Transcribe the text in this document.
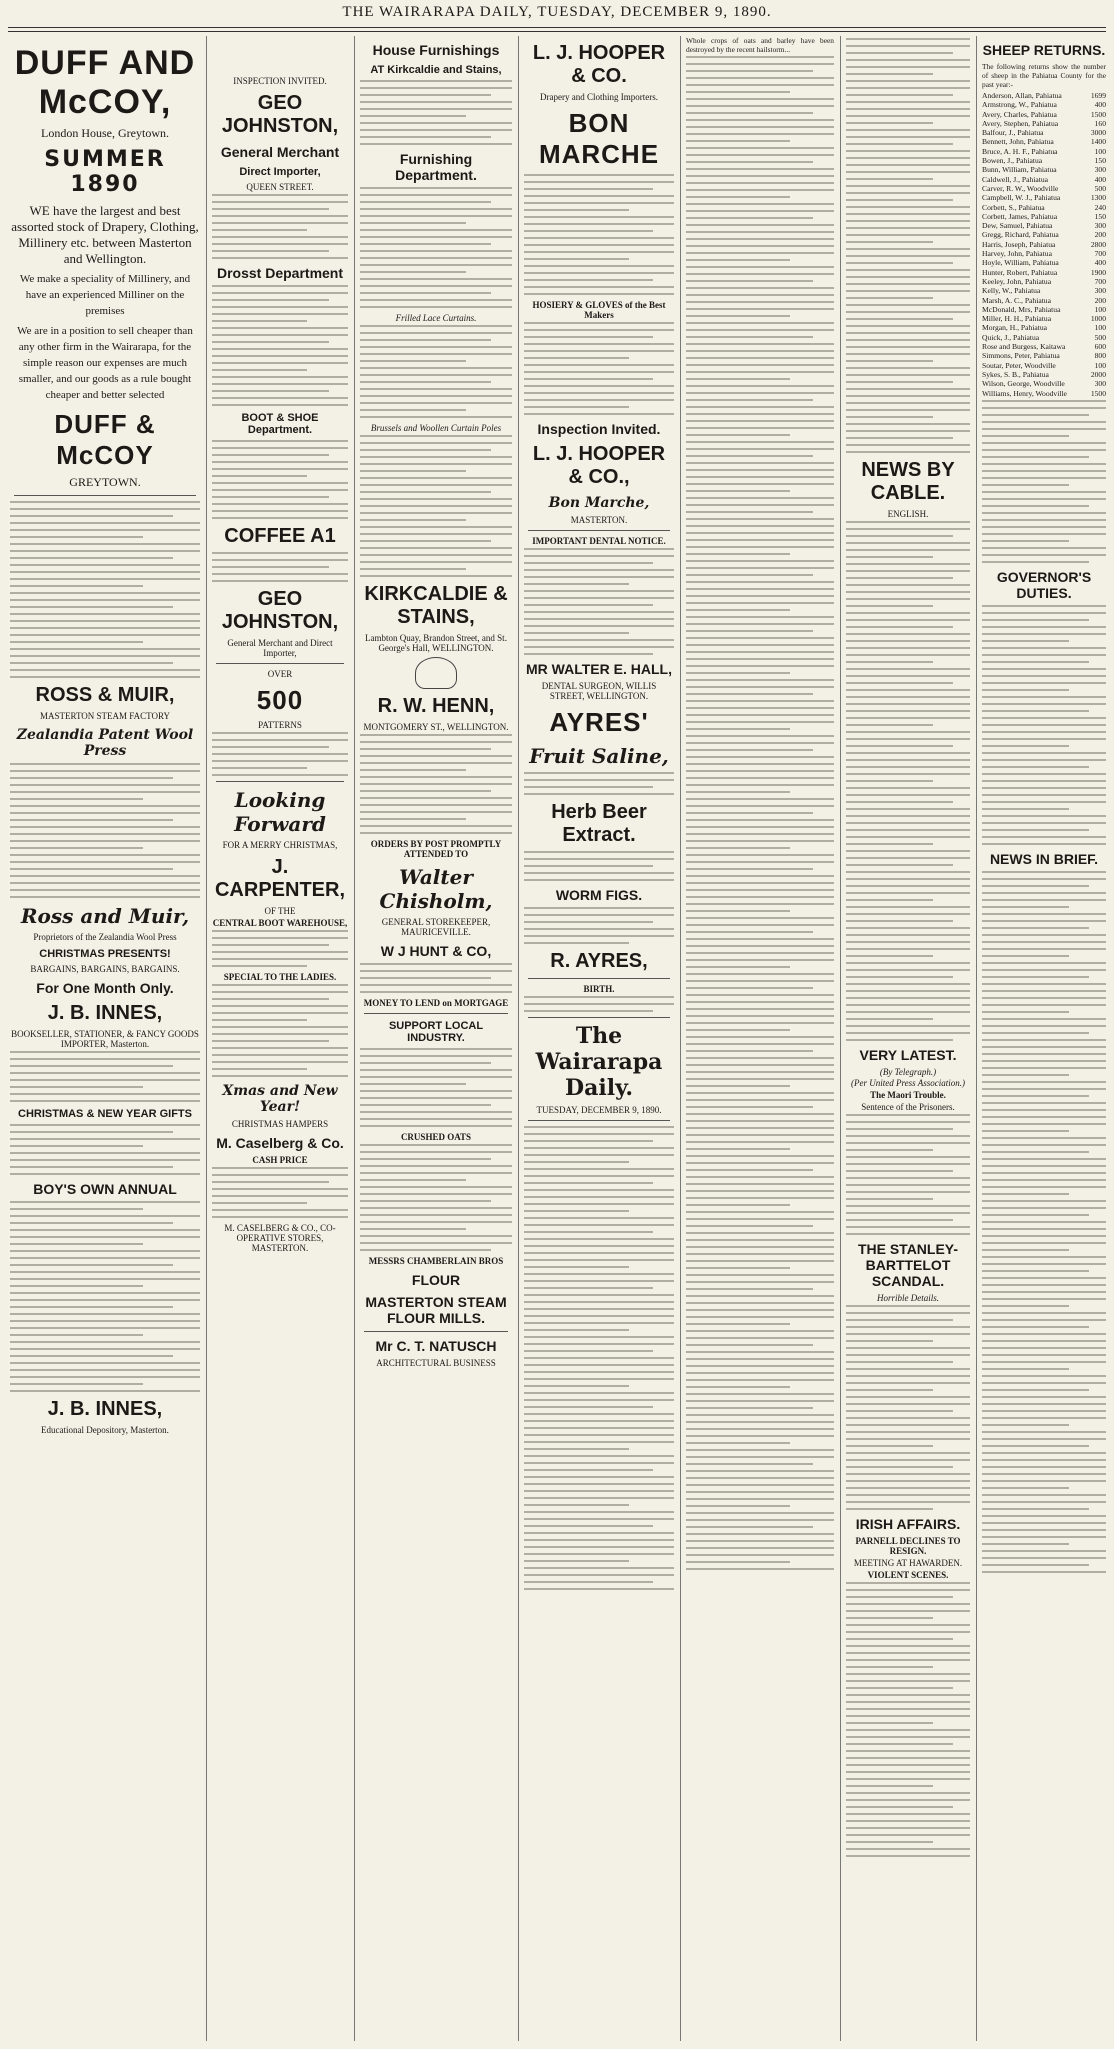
THE WAIRARAPA DAILY, TUESDAY, DECEMBER 9, 1890.
DUFF AND McCOY,
London House, Greytown.
SUMMER 1890
WE have the largest and best assorted stock of Drapery, Clothing, Millinery etc. between Masterton and Wellington.
We make a speciality of Millinery, and have an experienced Milliner on the premises
We are in a position to sell cheaper than any other firm in the Wairarapa, for the simple reason our expenses are much smaller, and our goods as a rule bought cheaper and better selected
DUFF & McCOY
GREYTOWN.
ROSS & MUIR,
MASTERTON STEAM FACTORY
Zealandia Patent Wool Press
Ross and Muir,
Proprietors of the Zealandia Wool Press
CHRISTMAS PRESENTS!
BARGAINS, BARGAINS, BARGAINS.
For One Month Only.
J. B. INNES,
BOOKSELLER, STATIONER, & FANCY GOODS IMPORTER, Masterton.
CHRISTMAS & NEW YEAR GIFTS
BOY'S OWN ANNUAL
J. B. INNES,
Educational Depository, Masterton.
INSPECTION INVITED.
GEO JOHNSTON,
General Merchant
Direct Importer,
QUEEN STREET.
Drosst Department
BOOT & SHOE Department.
COFFEE A1
GEO JOHNSTON,
General Merchant and Direct Importer,
OVER
500
PATTERNS
Looking Forward
FOR A MERRY CHRISTMAS,
J. CARPENTER,
OF THE
CENTRAL BOOT WAREHOUSE,
SPECIAL TO THE LADIES.
Xmas and New Year!
CHRISTMAS HAMPERS
M. Caselberg & Co.
CASH PRICE
M. CASELBERG & CO., CO-OPERATIVE STORES, MASTERTON.
House Furnishings
AT Kirkcaldie and Stains,
Furnishing Department.
Frilled Lace Curtains.
Brussels and Woollen Curtain Poles
KIRKCALDIE & STAINS,
Lambton Quay, Brandon Street, and St. George's Hall, WELLINGTON.
R. W. HENN,
MONTGOMERY ST., WELLINGTON.
ORDERS BY POST PROMPTLY ATTENDED TO
Walter Chisholm,
GENERAL STOREKEEPER, MAURICEVILLE.
W J HUNT & CO,
MONEY TO LEND on MORTGAGE
SUPPORT LOCAL INDUSTRY.
CRUSHED OATS
MESSRS CHAMBERLAIN BROS
FLOUR
MASTERTON STEAM FLOUR MILLS.
Mr C. T. NATUSCH
ARCHITECTURAL BUSINESS
L. J. HOOPER & CO.
Drapery and Clothing Importers.
BON MARCHE
HOSIERY & GLOVES of the Best Makers
Inspection Invited.
L. J. HOOPER & CO.,
Bon Marche,
MASTERTON.
IMPORTANT DENTAL NOTICE.
MR WALTER E. HALL,
DENTAL SURGEON, WILLIS STREET, WELLINGTON.
AYRES'
Fruit Saline,
Herb Beer Extract.
WORM FIGS.
R. AYRES,
BIRTH.
The Wairarapa Daily.
TUESDAY, DECEMBER 9, 1890.

Whole crops of oats and barley have been destroyed by the recent hailstorm...

NEWS BY CABLE.
ENGLISH.
VERY LATEST.
(By Telegraph.)
(Per United Press Association.)
The Maori Trouble.
Sentence of the Prisoners.
THE STANLEY-BARTTELOT SCANDAL.
Horrible Details.
IRISH AFFAIRS.
PARNELL DECLINES TO RESIGN.
MEETING AT HAWARDEN.
VIOLENT SCENES.
SHEEP RETURNS.

The following returns show the number of sheep in the Pahiatua County for the past year:-

1699
Anderson, Allan, Pahiatua

400
Armstrong, W., Pahiatua

1500
Avery, Charles, Pahiatua

160
Avery, Stephen, Pahiatua

3000
Balfour, J., Pahiatua

1400
Bennett, John, Pahiatua

100
Bruce, A. H. F., Pahiatua

150
Bowen, J., Pahiatua

300
Bunn, William, Pahiatua

400
Caldwell, J., Pahiatua

500
Carver, R. W., Woodville

1300
Campbell, W. J., Pahiatua

240
Corbett, S., Pahiatua

150
Corbett, James, Pahiatua

300
Dew, Samuel, Pahiatua

200
Gregg, Richard, Pahiatua

2800
Harris, Joseph, Pahiatua

700
Harvey, John, Pahiatua

400
Hoyle, William, Pahiatua

1900
Hunter, Robert, Pahiatua

700
Keeley, John, Pahiatua

300
Kelly, W., Pahiatua

200
Marsh, A. C., Pahiatua

100
McDonald, Mrs, Pahiatua

1000
Miller, H. H., Pahiatua

100
Morgan, H., Pahiatua

500
Quick, J., Pahiatua

600
Rose and Burgess, Kaitawa

800
Simmons, Peter, Pahiatua

100
Soutar, Peter, Woodville

2000
Sykes, S. B., Pahiatua

300
Wilson, George, Woodville

1500
Williams, Henry, Woodville

GOVERNOR'S DUTIES.
NEWS IN BRIEF.
